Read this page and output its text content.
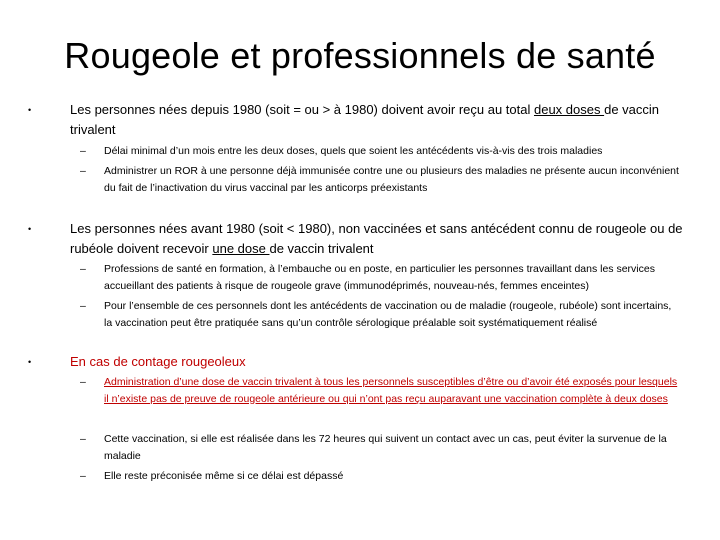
Rougeole et professionnels de santé
•	Les personnes nées depuis 1980 (soit = ou > à 1980) doivent avoir reçu au total deux doses de vaccin trivalent
– Délai minimal d’un mois entre les deux doses, quels que soient les antécédents vis-à-vis des trois maladies
– Administrer un ROR à une personne déjà immunisée contre une ou plusieurs des maladies ne présente aucun inconvénient du fait de l’inactivation du virus vaccinal par les anticorps préexistants
•	Les personnes nées avant 1980 (soit < 1980), non vaccinées et sans antécédent connu de rougeole ou de rubéole doivent recevoir une dose de vaccin trivalent
– Professions de santé en formation, à l’embauche ou en poste, en particulier les personnes travaillant dans les services accueillant des patients à risque de rougeole grave (immunodéprimés, nouveau-nés, femmes enceintes)
– Pour l’ensemble de ces personnels dont les antécédents de vaccination ou de maladie (rougeole, rubéole) sont incertains, la vaccination peut être pratiquée sans qu’un contrôle sérologique préalable soit systématiquement réalisé
•	En cas de contage rougeoleux
– Administration d’une dose de vaccin trivalent à tous les personnels susceptibles d’être ou d’avoir été exposés pour lesquels il n’existe pas de preuve de rougeole antérieure ou qui n’ont pas reçu auparavant une vaccination complète à deux doses
– Cette vaccination, si elle est réalisée dans les 72 heures qui suivent un contact avec un cas, peut éviter la survenue de la maladie
– Elle reste préconisée même si ce délai est dépassé
